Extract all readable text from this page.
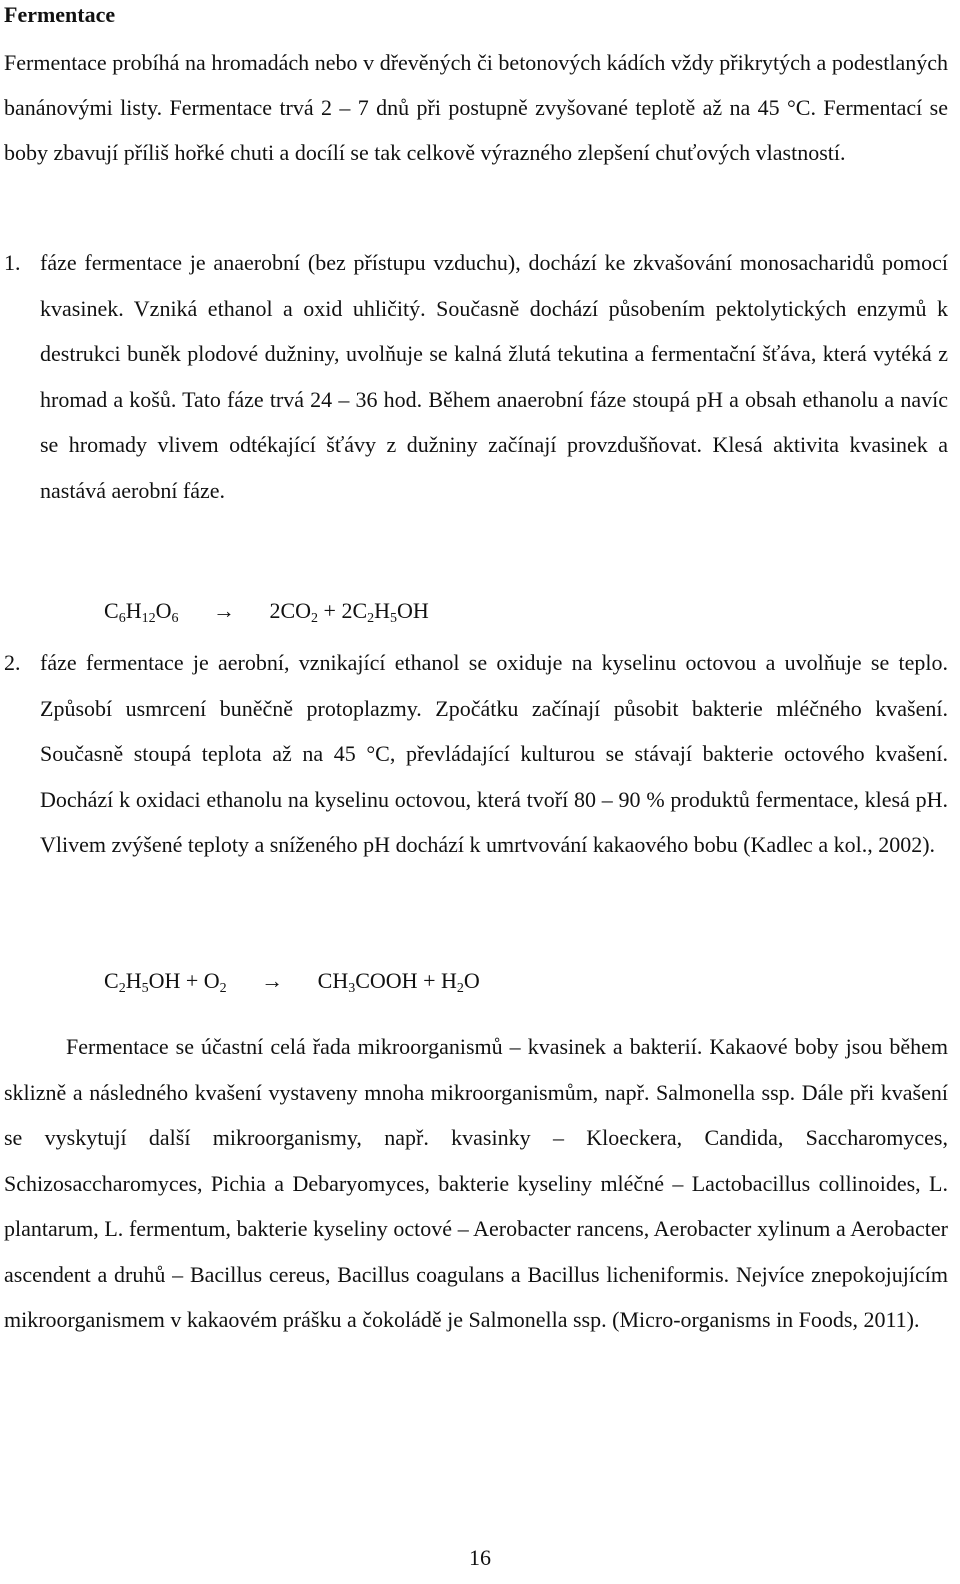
Fermentace

Fermentace probíhá na hromadách nebo v dřevěných či betonových kádích vždy přikrytých a podestlaných banánovými listy. Fermentace trvá 2 – 7 dnů při postupně zvyšované teplotě až na 45 °C. Fermentací se boby zbavují příliš hořké chuti a docílí se tak celkově výrazného zlepšení chuťových vlastností.

1. fáze fermentace je anaerobní (bez přístupu vzduchu), dochází ke zkvašování monosacharidů pomocí kvasinek. Vzniká ethanol a oxid uhličitý. Současně dochází působením pektolytických enzymů k destrukci buněk plodové dužniny, uvolňuje se kalná žlutá tekutina a fermentační šťáva, která vytéká z hromad a košů. Tato fáze trvá 24 – 36 hod. Během anaerobní fáze stoupá pH a obsah ethanolu a navíc se hromady vlivem odtékající šťávy z dužniny začínají provzdušňovat. Klesá aktivita kvasinek a nastává aerobní fáze.
$C_6H_{12}O_6 \to 2CO_2 + 2C_2H_5OH$
2. fáze fermentace je aerobní, vznikající ethanol se oxiduje na kyselinu octovou a uvolňuje se teplo. Způsobí usmrcení buněčně protoplazmy. Zpočátku začínají působit bakterie mléčného kvašení. Současně stoupá teplota až na 45 °C, převládající kulturou se stávají bakterie octového kvašení. Dochází k oxidaci ethanolu na kyselinu octovou, která tvoří 80 – 90 % produktů fermentace, klesá pH. Vlivem zvýšené teploty a sníženého pH dochází k umrtvování kakaového bobu (Kadlec a kol., 2002).
$C_2H_5OH + O_2$ → $CH_3COOH + H_2O$

Fermentace se účastní celá řada mikroorganismů – kvasinek a bakterií. Kakaové boby jsou během sklizně a následného kvašení vystaveny mnoha mikroorganismům, např. Salmonella ssp. Dále při kvašení se vyskytují další mikroorganismy, např. kvasinky – Kloeckera, Candida, Saccharomyces, Schizosaccharomyces, Pichia a Debaryomyces, bakterie kyseliny mléčné – Lactobacillus collinoides, L. plantarum, L. fermentum, bakterie kyseliny octové – Aerobacter rancens, Aerobacter xylinum a Aerobacter ascendent a druhů – Bacillus cereus, Bacillus coagulans a Bacillus licheniformis. Nejvíce znepokojujícím mikroorganismem v kakaovém prášku a čokoládě je Salmonella ssp. (Micro-organisms in Foods, 2011).

16
